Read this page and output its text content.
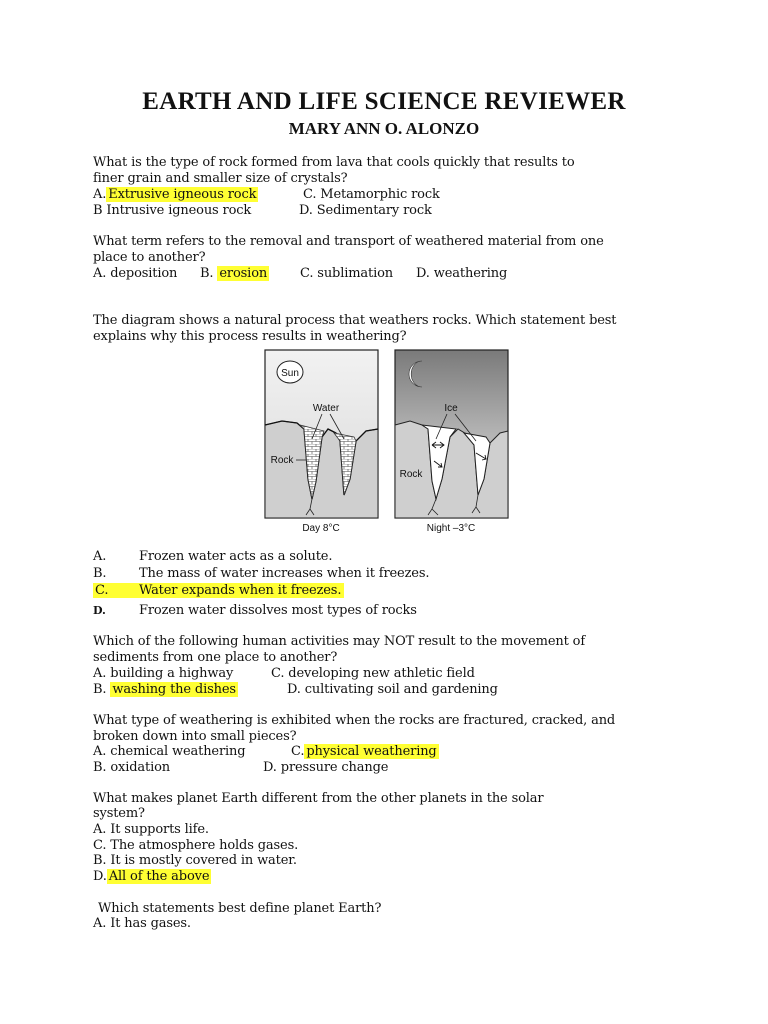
EARTH AND LIFE SCIENCE REVIEWER
MARY ANN O. ALONZO
What is the type of rock formed from lava that cools quickly that results to
finer grain and smaller size of crystals?
A. Extrusive igneous rock	C. Metamorphic rock
B Intrusive igneous rock	D. Sedimentary rock
What term refers to the removal and transport of weathered material from one
place to another?
A. deposition B. erosion	C. sublimation D. weathering
The diagram shows a natural process that weathers rocks. Which statement best
explains why this process results in weathering?
Sun
Water
Rock
Ice
Rock
Day 8°C	Night –3°C
A.	Frozen water acts as a solute.
B.	The mass of water increases when it freezes.
C. Water expands when it freezes.
D.	Frozen water dissolves most types of rocks
Which of the following human activities may NOT result to the movement of
sediments from one place to another?
A. building a highway	C. developing new athletic field
B. washing the dishes	D. cultivating soil and gardening
What type of weathering is exhibited when the rocks are fractured, cracked, and
broken down into small pieces?
A. chemical weathering	C. physical weathering
B. oxidation	D. pressure change
What makes planet Earth different from the other planets in the solar
system?
A. It supports life.
C. The atmosphere holds gases.
B. It is mostly covered in water.
D. All of the above
Which statements best define planet Earth?
A. It has gases.
